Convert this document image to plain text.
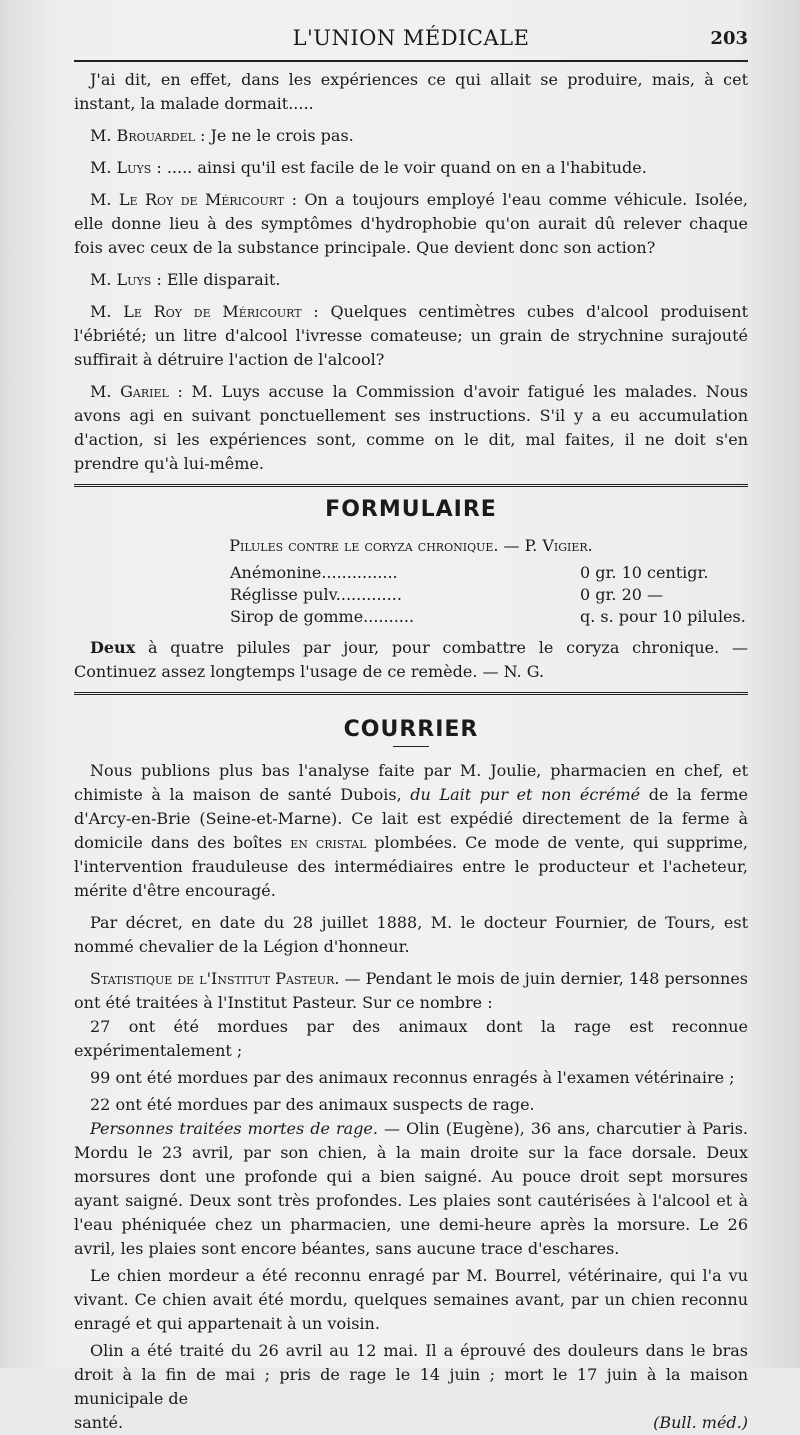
L'UNION MÉDICALE	203

J'ai dit, en effet, dans les expériences ce qui allait se produire, mais, à cet instant, la malade dormait.....

M. Brouardel : Je ne le crois pas.

M. Luys : ..... ainsi qu'il est facile de le voir quand on en a l'habitude.

M. Le Roy de Méricourt : On a toujours employé l'eau comme véhicule. Isolée, elle donne lieu à des symptômes d'hydrophobie qu'on aurait dû relever chaque fois avec ceux de la substance principale. Que devient donc son action?

M. Luys : Elle disparait.

M. Le Roy de Méricourt : Quelques centimètres cubes d'alcool produisent l'ébriété; un litre d'alcool l'ivresse comateuse; un grain de strychnine surajouté suffirait à détruire l'action de l'alcool?

M. Gariel : M. Luys accuse la Commission d'avoir fatigué les malades. Nous avons agi en suivant ponctuellement ses instructions. S'il y a eu accumulation d'action, si les expériences sont, comme on le dit, mal faites, il ne doit s'en prendre qu'à lui-même.

FORMULAIRE
Pilules contre le coryza chronique. — P. Vigier.
Anémonine...............	0 gr. 10 centigr.
Réglisse pulv.............	0 gr. 20 —
Sirop de gomme..........	q. s. pour 10 pilules.

Deux à quatre pilules par jour, pour combattre le coryza chronique. — Continuez assez longtemps l'usage de ce remède. — N. G.

COURRIER

Nous publions plus bas l'analyse faite par M. Joulie, pharmacien en chef, et chimiste à la maison de santé Dubois, du Lait pur et non écrémé de la ferme d'Arcy-en-Brie (Seine-et-Marne). Ce lait est expédié directement de la ferme à domicile dans des boîtes en cristal plombées. Ce mode de vente, qui supprime, l'intervention frauduleuse des intermédiaires entre le producteur et l'acheteur, mérite d'être encouragé.

Par décret, en date du 28 juillet 1888, M. le docteur Fournier, de Tours, est nommé chevalier de la Légion d'honneur.

Statistique de l'Institut Pasteur. — Pendant le mois de juin dernier, 148 personnes ont été traitées à l'Institut Pasteur. Sur ce nombre :

27 ont été mordues par des animaux dont la rage est reconnue expérimentalement ;

99 ont été mordues par des animaux reconnus enragés à l'examen vétérinaire ;

22 ont été mordues par des animaux suspects de rage.

Personnes traitées mortes de rage. — Olin (Eugène), 36 ans, charcutier à Paris. Mordu le 23 avril, par son chien, à la main droite sur la face dorsale. Deux morsures dont une profonde qui a bien saigné. Au pouce droit sept morsures ayant saigné. Deux sont très profondes. Les plaies sont cautérisées à l'alcool et à l'eau phéniquée chez un pharmacien, une demi-heure après la morsure. Le 26 avril, les plaies sont encore béantes, sans aucune trace d'eschares.

Le chien mordeur a été reconnu enragé par M. Bourrel, vétérinaire, qui l'a vu vivant. Ce chien avait été mordu, quelques semaines avant, par un chien reconnu enragé et qui appartenait à un voisin.

Olin a été traité du 26 avril au 12 mai. Il a éprouvé des douleurs dans le bras droit à la fin de mai ; pris de rage le 14 juin ; mort le 17 juin à la maison municipale de

santé.	(Bull. méd.)
